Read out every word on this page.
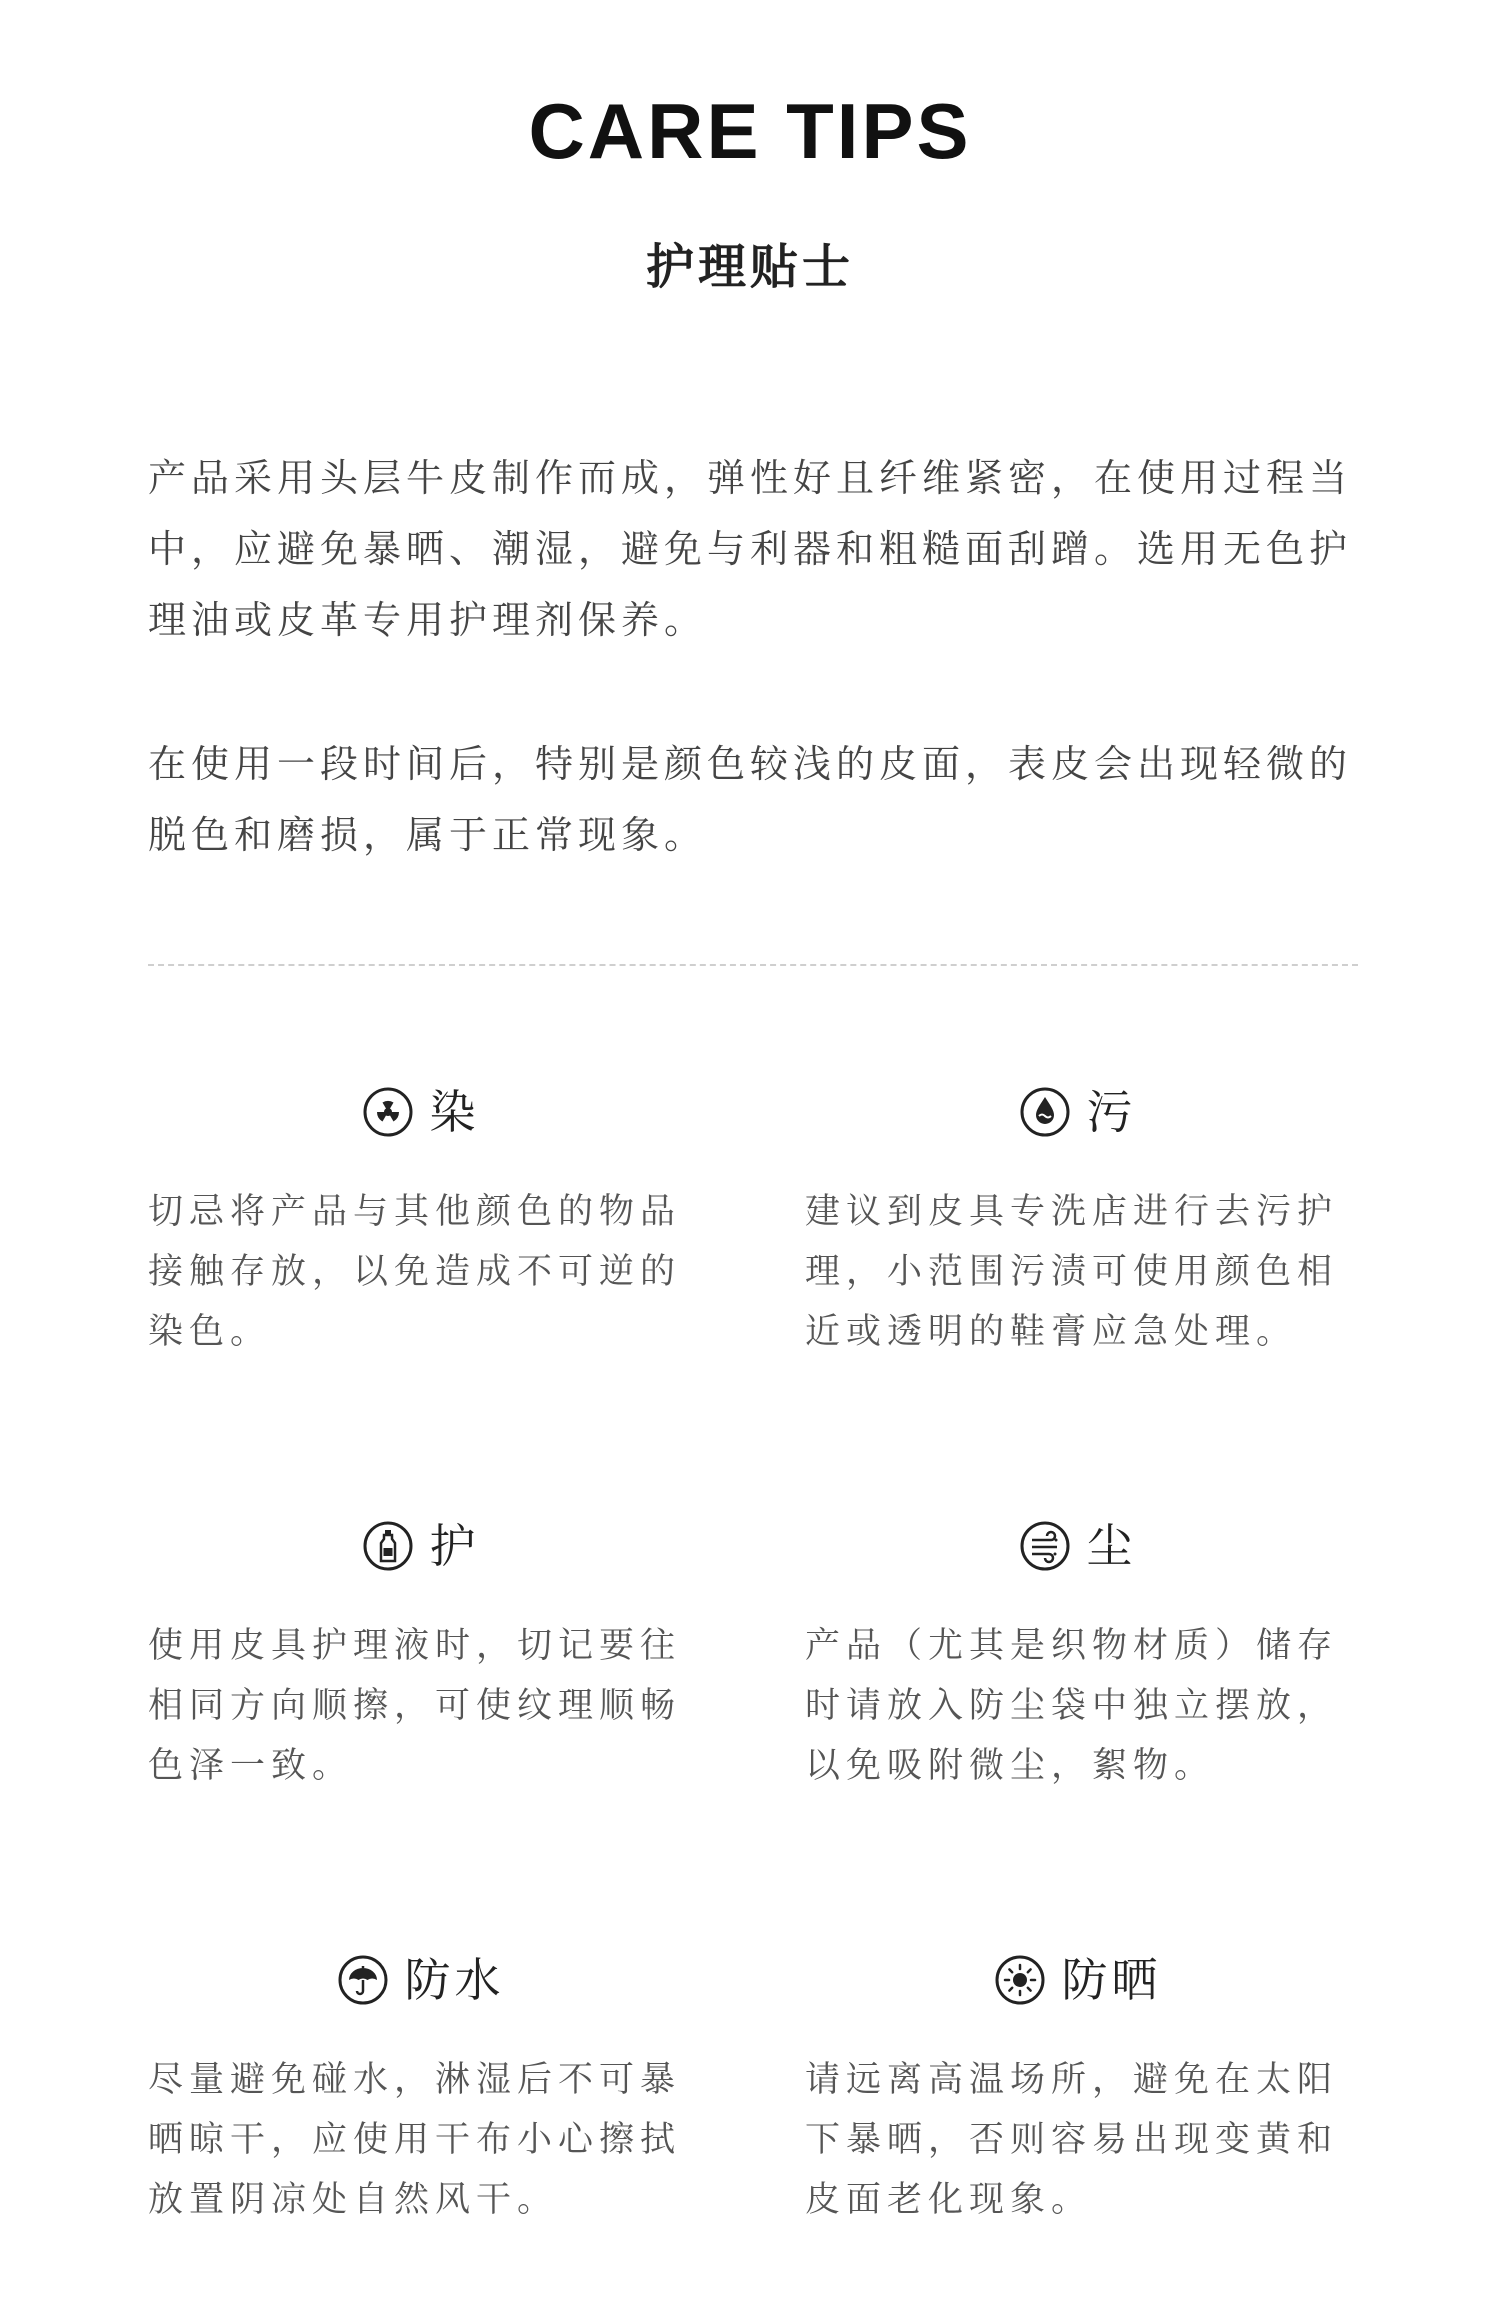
CARE TIPS
护理贴士

产品采用头层牛皮制作而成，弹性好且纤维紧密，在使用过程当中，应避免暴晒、潮湿，避免与利器和粗糙面刮蹭。选用无色护理油或皮革专用护理剂保养。

在使用一段时间后，特别是颜色较浅的皮面，表皮会出现轻微的脱色和磨损，属于正常现象。

染

切忌将产品与其他颜色的物品接触存放，以免造成不可逆的染色。

污

建议到皮具专洗店进行去污护理，小范围污渍可使用颜色相近或透明的鞋膏应急处理。

护

使用皮具护理液时，切记要往相同方向顺擦，可使纹理顺畅色泽一致。

尘

产品（尤其是织物材质）储存时请放入防尘袋中独立摆放，以免吸附微尘，絮物。

防水

尽量避免碰水，淋湿后不可暴晒晾干，应使用干布小心擦拭放置阴凉处自然风干。

防晒

请远离高温场所，避免在太阳下暴晒，否则容易出现变黄和皮面老化现象。
